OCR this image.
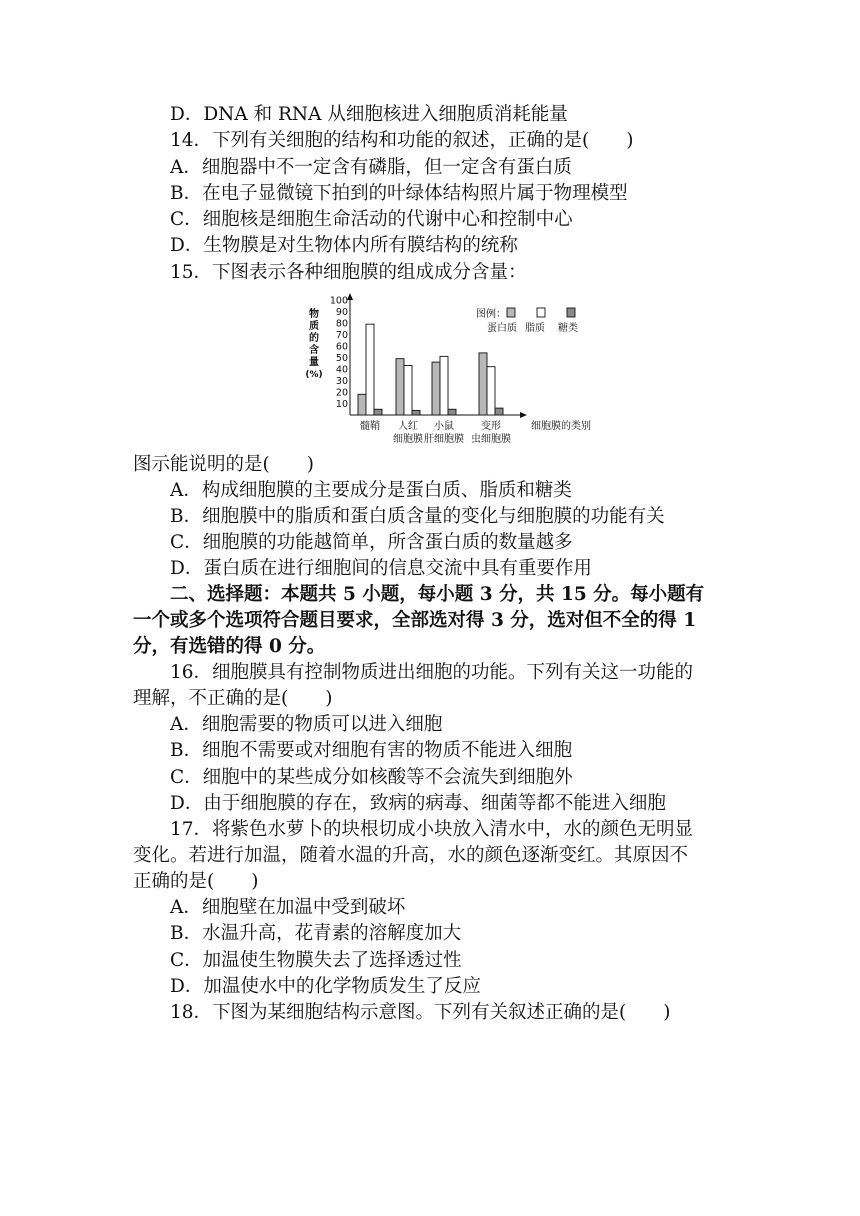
D．DNA 和 RNA 从细胞核进入细胞质消耗能量
14．下列有关细胞的结构和功能的叙述，正确的是(　　)
A．细胞器中不一定含有磷脂，但一定含有蛋白质
B．在电子显微镜下拍到的叶绿体结构照片属于物理模型
C．细胞核是细胞生命活动的代谢中心和控制中心
D．生物膜是对生物体内所有膜结构的统称
15．下图表示各种细胞膜的组成成分含量：
物
质
的
含
量
(%)
10
20
30
40
50
60
70
80
90
100
髓鞘 人红
细胞膜
小鼠
肝细胞膜
变形
虫细胞膜
细胞膜的类别
图例：
蛋白质 脂质 糖类
图示能说明的是(　　)
A．构成细胞膜的主要成分是蛋白质、脂质和糖类
B．细胞膜中的脂质和蛋白质含量的变化与细胞膜的功能有关
C．细胞膜的功能越简单，所含蛋白质的数量越多
D．蛋白质在进行细胞间的信息交流中具有重要作用
二、选择题：本题共 5 小题，每小题 3 分，共 15 分。每小题有
一个或多个选项符合题目要求，全部选对得 3 分，选对但不全的得 1
分，有选错的得 0 分。
16．细胞膜具有控制物质进出细胞的功能。下列有关这一功能的
理解，不正确的是(　　)
A．细胞需要的物质可以进入细胞
B．细胞不需要或对细胞有害的物质不能进入细胞
C．细胞中的某些成分如核酸等不会流失到细胞外
D．由于细胞膜的存在，致病的病毒、细菌等都不能进入细胞
17．将紫色水萝卜的块根切成小块放入清水中，水的颜色无明显
变化。若进行加温，随着水温的升高，水的颜色逐渐变红。其原因不
正确的是(　　)
A．细胞壁在加温中受到破坏
B．水温升高，花青素的溶解度加大
C．加温使生物膜失去了选择透过性
D．加温使水中的化学物质发生了反应
18．下图为某细胞结构示意图。下列有关叙述正确的是(　　)
